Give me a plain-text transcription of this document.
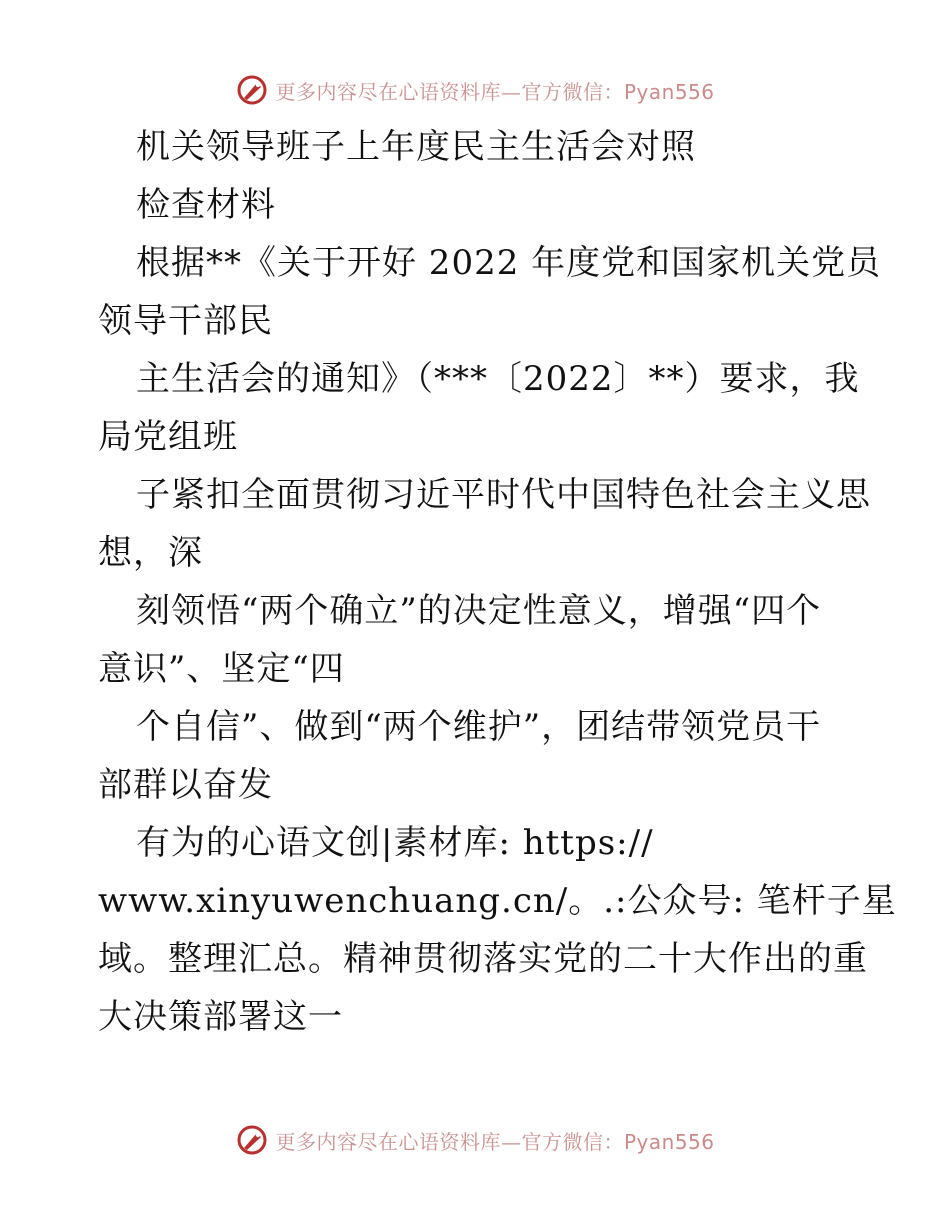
更多内容尽在心语资料库—官方微信：Pyan556
机关领导班子上年度民主生活会对照
检查材料
根据**《关于开好 2022 年度党和国家机关党员
领导干部民
主生活会的通知》（***〔2022〕**）要求，我
局党组班
子紧扣全面贯彻习近平时代中国特色社会主义思
想，深
刻领悟“两个确立”的决定性意义，增强“四个
意识”、坚定“四
个自信”、做到“两个维护”，团结带领党员干
部群以奋发
有为的心语文创|素材库: https://
www.xinyuwenchuang.cn/。.:公众号: 笔杆子星
域。整理汇总。精神贯彻落实党的二十大作出的重
大决策部署这一
更多内容尽在心语资料库—官方微信：Pyan556
